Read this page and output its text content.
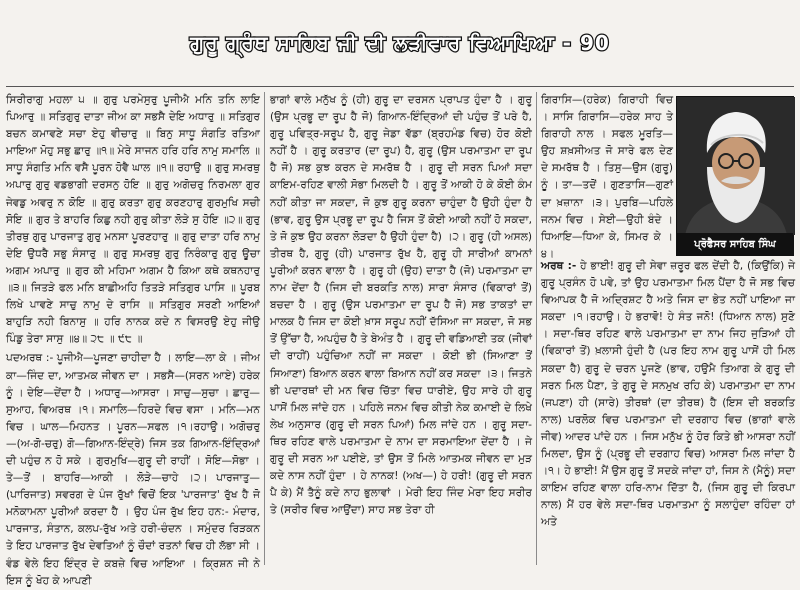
ਗੁਰੂ ਗ੍ਰੰਥ ਸਾਹਿਬ ਜੀ ਦੀ ਲੜੀਵਾਰ ਵਿਆਖਿਆ - 90

ਸਿਰੀਰਾਗੁ ਮਹਲਾ ੫ ॥ ਗੁਰੁ ਪਰਮੇਸੁਰੁ ਪੂਜੀਐ ਮਨਿ ਤਨਿ ਲਾਇ ਪਿਆਰੁ ॥ ਸਤਿਗੁਰੁ ਦਾਤਾ ਜੀਅ ਕਾ ਸਭਸੈ ਦੇਇ ਅਧਾਰੁ ॥ ਸਤਿਗੁਰ ਬਚਨ ਕਮਾਵਣੇ ਸਚਾ ਏਹੁ ਵੀਚਾਰੁ ॥ ਬਿਨੁ ਸਾਧੂ ਸੰਗਤਿ ਰਤਿਆ ਮਾਇਆ ਮੋਹੁ ਸਭੁ ਛਾਰੁ ॥੧॥ ਮੇਰੇ ਸਾਜਨ ਹਰਿ ਹਰਿ ਨਾਮੁ ਸਮਾਲਿ ॥ ਸਾਧੂ ਸੰਗਤਿ ਮਨਿ ਵਸੈ ਪੂਰਨ ਹੋਵੈ ਘਾਲ ॥੧॥ ਰਹਾਉ ॥ ਗੁਰੁ ਸਮਰਥੁ ਅਪਾਰੁ ਗੁਰੁ ਵਡਭਾਗੀ ਦਰਸਨੁ ਹੋਇ ॥ ਗੁਰੁ ਅਗੋਚਰੁ ਨਿਰਮਲਾ ਗੁਰ ਜੇਵਡੁ ਅਵਰੁ ਨ ਕੋਇ ॥ ਗੁਰੁ ਕਰਤਾ ਗੁਰੁ ਕਰਣਹਾਰੁ ਗੁਰਮੁਖਿ ਸਚੀ ਸੋਇ ॥ ਗੁਰ ਤੇ ਬਾਹਰਿ ਕਿਛੁ ਨਹੀ ਗੁਰੁ ਕੀਤਾ ਲੋੜੇ ਸੁ ਹੋਇ ॥੨॥ ਗੁਰੁ ਤੀਰਥੁ ਗੁਰੁ ਪਾਰਜਾਤੁ ਗੁਰੁ ਮਨਸਾ ਪੂਰਣਹਾਰੁ ॥ ਗੁਰੁ ਦਾਤਾ ਹਰਿ ਨਾਮੁ ਦੇਇ ਉਧਰੈ ਸਭੁ ਸੰਸਾਰੁ ॥ ਗੁਰੁ ਸਮਰਥੁ ਗੁਰੁ ਨਿਰੰਕਾਰੁ ਗੁਰੁ ਊਚਾ ਅਗਮ ਅਪਾਰੁ ॥ ਗੁਰ ਕੀ ਮਹਿਮਾ ਅਗਮ ਹੈ ਕਿਆ ਕਥੇ ਕਥਨਹਾਰੁ ॥੩॥ ਜਿਤੜੇ ਫਲ ਮਨਿ ਬਾਛੀਅਹਿ ਤਿਤੜੇ ਸਤਿਗੁਰ ਪਾਸਿ ॥ ਪੂਰਬ ਲਿਖੇ ਪਾਵਣੇ ਸਾਚੁ ਨਾਮੁ ਦੇ ਰਾਸਿ ॥ ਸਤਿਗੁਰ ਸਰਣੀ ਆਇਆਂ ਬਾਹੁੜਿ ਨਹੀ ਬਿਨਾਸੁ ॥ ਹਰਿ ਨਾਨਕ ਕਦੇ ਨ ਵਿਸਰਉ ਏਹੁ ਜੀਉ ਪਿੰਡੁ ਤੇਰਾ ਸਾਸੁ ॥੪॥ ੨੮ ॥ ੯੮ ॥

ਪਦਅਰਥ :- ਪੂਜੀਐ—ਪੂਜਣਾ ਚਾਹੀਦਾ ਹੈ । ਲਾਇ—ਲਾ ਕੇ । ਜੀਅ ਕਾ—ਜਿੰਦ ਦਾ, ਆਤਮਕ ਜੀਵਨ ਦਾ । ਸਭਸੈ—(ਸਰਨ ਆਏ) ਹਰੇਕ ਨੂੰ । ਦੇਇ—ਦੇਂਦਾ ਹੈ । ਅਧਾਰੁ—ਆਸਰਾ । ਸਾਚੁ—ਸੁਚਾ । ਛਾਰੁ— ਸੁਆਹ, ਵਿਅਰਥ ।੧। ਸਮਾਲਿ—ਹਿਰਦੇ ਵਿਚ ਵਸਾ । ਮਨਿ—ਮਨ ਵਿਚ । ਘਾਲ—ਮਿਹਨਤ । ਪੂਰਨ—ਸਫਲ ।੧।ਰਹਾਉ। ਅਗੋਚਰੁ—(ਅ-ਗੋ-ਚਰੁ) ਗੋ—ਗਿਆਨ-ਇੰਦ੍ਰੇ) ਜਿਸ ਤਕ ਗਿਆਨ-ਇੰਦ੍ਰਿਆਂ ਦੀ ਪਹੁੰਚ ਨ ਹੋ ਸਕੇ । ਗੁਰਮੁਖਿ—ਗੁਰੂ ਦੀ ਰਾਹੀਂ । ਸੋਇ—ਸੋਭਾ । ਤੇ—ਤੋਂ । ਬਾਹਰਿ—ਆਕੀ । ਲੋੜੇ—ਚਾਹੇ ।੨। ਪਾਰਜਾਤੁ—(ਪਾਰਿਜਾਤ) ਸਵਰਗ ਦੇ ਪੰਜ ਰੁੱਖਾਂ ਵਿਚੋਂ ਇਕ 'ਪਾਰਜਾਤ' ਰੁੱਖ ਹੈ ਜੋ ਮਨੋਕਾਮਨਾ ਪੂਰੀਆਂ ਕਰਦਾ ਹੈ । ਉਹ ਪੰਜ ਰੁੱਖ ਇਹ ਹਨ:- ਮੰਦਾਰ, ਪਾਰਜਾਤ, ਸੰਤਾਨ, ਕਲਪ-ਰੁੱਖ ਅਤੇ ਹਰੀ-ਚੰਦਨ । ਸਮੁੰਦਰ ਰਿੜਕਨ ਤੇ ਇਹ ਪਾਰਜਾਤ ਰੁੱਖ ਦੇਵਤਿਆਂ ਨੂੰ ਚੌਦਾਂ ਰਤਨਾਂ ਵਿਚ ਹੀ ਲੱਭਾ ਸੀ । ਵੰਡ ਵੇਲੇ ਇਹ ਇੰਦ੍ਰ ਦੇ ਕਬਜ਼ੇ ਵਿਚ ਆਇਆ । ਕ੍ਰਿਸ਼ਨ ਜੀ ਨੇ ਇਸ ਨੂੰ ਖੋਹ ਕੇ ਆਪਣੀ

ਭਾਗਾਂ ਵਾਲੇ ਮਨੁੱਖ ਨੂੰ (ਹੀ) ਗੁਰੂ ਦਾ ਦਰਸਨ ਪ੍ਰਾਪਤ ਹੁੰਦਾ ਹੈ । ਗੁਰੂ (ਉਸ ਪ੍ਰਭੂ ਦਾ ਰੂਪ ਹੈ ਜੋ) ਗਿਆਨ-ਇੰਦ੍ਰਿਆਂ ਦੀ ਪਹੁੰਚ ਤੋਂ ਪਰੇ ਹੈ, ਗੁਰੂ ਪਵਿਤ੍ਰ-ਸਰੂਪ ਹੈ, ਗੁਰੂ ਜੇਡਾ ਵੱਡਾ (ਬ੍ਰਹਮੰਡ ਵਿਚ) ਹੋਰ ਕੋਈ ਨਹੀਂ ਹੈ । ਗੁਰੂ ਕਰਤਾਰ (ਦਾ ਰੂਪ) ਹੈ, ਗੁਰੂ (ਉਸ ਪਰਮਾਤਮਾ ਦਾ ਰੂਪ ਹੈ ਜੋ) ਸਭ ਕੁਝ ਕਰਨ ਦੇ ਸਮਰੱਥ ਹੈ । ਗੁਰੂ ਦੀ ਸਰਨ ਪਿਆਂ ਸਦਾ ਕਾਇਮ-ਰਹਿਣ ਵਾਲੀ ਸੋਭਾ ਮਿਲਦੀ ਹੈ । ਗੁਰੂ ਤੋਂ ਆਕੀ ਹੋ ਕੇ ਕੋਈ ਕੰਮ ਨਹੀਂ ਕੀਤਾ ਜਾ ਸਕਦਾ, ਜੋ ਕੁਝ ਗੁਰੂ ਕਰਨਾ ਚਾਹੁੰਦਾ ਹੈ ਉਹੀ ਹੁੰਦਾ ਹੈ (ਭਾਵ, ਗੁਰੂ ਉਸ ਪ੍ਰਭੂ ਦਾ ਰੂਪ ਹੈ ਜਿਸ ਤੋਂ ਕੋਈ ਆਕੀ ਨਹੀਂ ਹੋ ਸਕਦਾ, ਤੇ ਜੋ ਕੁਝ ਉਹ ਕਰਨਾ ਲੋੜਦਾ ਹੈ ਉਹੀ ਹੁੰਦਾ ਹੈ) ।੨। ਗੁਰੂ (ਹੀ ਅਸਲ) ਤੀਰਥ ਹੈ, ਗੁਰੂ (ਹੀ) ਪਾਰਜਾਤ ਰੁੱਖ ਹੈ, ਗੁਰੂ ਹੀ ਸਾਰੀਆਂ ਕਾਮਨਾਂ ਪੂਰੀਆਂ ਕਰਨ ਵਾਲਾ ਹੈ । ਗੁਰੂ ਹੀ (ਉਹ) ਦਾਤਾ ਹੈ (ਜੋ) ਪਰਮਾਤਮਾ ਦਾ ਨਾਮ ਦੇਂਦਾ ਹੈ (ਜਿਸ ਦੀ ਬਰਕਤਿ ਨਾਲ) ਸਾਰਾ ਸੰਸਾਰ (ਵਿਕਾਰਾਂ ਤੋਂ) ਬਚਦਾ ਹੈ । ਗੁਰੂ (ਉਸ ਪਰਮਾਤਮਾ ਦਾ ਰੂਪ ਹੈ ਜੋ) ਸਭ ਤਾਕਤਾਂ ਦਾ ਮਾਲਕ ਹੈ ਜਿਸ ਦਾ ਕੋਈ ਖ਼ਾਸ ਸਰੂਪ ਨਹੀਂ ਦੱਸਿਆ ਜਾ ਸਕਦਾ, ਜੋ ਸਭ ਤੋਂ ਉੱਚਾ ਹੈ, ਅਪਹੁੰਚ ਹੈ ਤੇ ਬੇਅੰਤ ਹੈ । ਗੁਰੂ ਦੀ ਵਡਿਆਈ ਤਕ (ਜੀਵਾਂ ਦੀ ਰਾਹੀਂ) ਪਹੁੰਚਿਆ ਨਹੀਂ ਜਾ ਸਕਦਾ । ਕੋਈ ਭੀ (ਸਿਆਣਾ ਤੋਂ ਸਿਆਣਾ) ਬਿਆਨ ਕਰਨ ਵਾਲਾ ਬਿਆਨ ਨਹੀਂ ਕਰ ਸਕਦਾ ।੩। ਜਿਤਨੇ ਭੀ ਪਦਾਰਥਾਂ ਦੀ ਮਨ ਵਿਚ ਚਿੱਤਾ ਵਿਚ ਧਾਰੀਏ, ਉਹ ਸਾਰੇ ਹੀ ਗੁਰੂ ਪਾਸੋਂ ਮਿਲ ਜਾਂਦੇ ਹਨ । ਪਹਿਲੇ ਜਨਮ ਵਿਚ ਕੀਤੀ ਨੇਕ ਕਮਾਈ ਦੇ ਲਿਖੇ ਲੇਖ ਅਨੁਸਾਰ (ਗੁਰੂ ਦੀ ਸਰਨ ਪਿਆਂ) ਮਿਲ ਜਾਂਦੇ ਹਨ । ਗੁਰੂ ਸਦਾ-ਥਿਰ ਰਹਿਣ ਵਾਲੇ ਪਰਮਾਤਮਾ ਦੇ ਨਾਮ ਦਾ ਸਰਮਾਇਆ ਦੇਂਦਾ ਹੈ । ਜੇ ਗੁਰੂ ਦੀ ਸਰਨ ਆ ਪਈਏ, ਤਾਂ ਉਸ ਤੋਂ ਮਿਲੇ ਆਤਮਕ ਜੀਵਨ ਦਾ ਮੁੜ ਕਦੇ ਨਾਸ ਨਹੀਂ ਹੁੰਦਾ । ਹੇ ਨਾਨਕ! (ਅਖ—) ਹੇ ਹਰੀ! (ਗੁਰੂ ਦੀ ਸਰਨ ਪੈ ਕੇ) ਮੈਂ ਤੈਨੂੰ ਕਦੇ ਨਾਹ ਭੁਲਾਵਾਂ । ਮੇਰੀ ਇਹ ਜਿੰਦ ਮੇਰਾ ਇਹ ਸਰੀਰ ਤੇ (ਸਰੀਰ ਵਿਚ ਆਉਂਦਾ) ਸਾਹ ਸਭ ਤੇਰਾ ਹੀ

ਗਿਰਾਸਿ—(ਹਰੇਕ) ਗਿਰਾਹੀ ਵਿਚ । ਸਾਸਿ ਗਿਰਾਸਿ—ਹਰੇਕ ਸਾਹ ਤੇ ਗਿਰਾਹੀ ਨਾਲ । ਸਫਲ ਮੂਰਤਿ—ਉਹ ਸ਼ਖ਼ਸੀਅਤ ਜੋ ਸਾਰੇ ਫਲ ਦੇਣ ਦੇ ਸਮਰੱਥ ਹੈ । ਤਿਸੁ—ਉਸ (ਗੁਰੂ) ਨੂੰ । ਤਾ—ਤਦੋਂ । ਗੁਣਤਾਸਿ—ਗੁਣਾਂ ਦਾ ਖ਼ਜ਼ਾਨਾ ।੩। ਪੁਰਬਿ—ਪਹਿਲੇ ਜਨਮ ਵਿਚ । ਸੇਈ—ਉਹੀ ਬੰਦੇ । ਧਿਆਇ—ਧਿਆ ਕੇ, ਸਿਮਰ ਕੇ ।੪।

ਪ੍ਰੋਫੈਸਰ ਸਾਹਿਬ ਸਿੰਘ

ਅਰਥ :- ਹੇ ਭਾਈ! ਗੁਰੂ ਦੀ ਸੇਵਾ ਜ਼ਰੂਰ ਫਲ ਦੇਂਦੀ ਹੈ, (ਕਿਉਂਕਿ) ਜੇ ਗੁਰੂ ਪ੍ਰਸੰਨ ਹੋ ਪਵੇ, ਤਾਂ ਉਹ ਪਰਮਾਤਮਾ ਮਿਲ ਪੈਂਦਾ ਹੈ ਜੋ ਸਭ ਵਿਚ ਵਿਆਪਕ ਹੈ ਜੋ ਅਦ੍ਰਿਸ਼ਟ ਹੈ ਅਤੇ ਜਿਸ ਦਾ ਭੇਤ ਨਹੀਂ ਪਾਇਆ ਜਾ ਸਕਦਾ ।੧।ਰਹਾਉ। ਹੇ ਭਰਾਵੋ! ਹੇ ਸੰਤ ਜਨੋ! (ਧਿਆਨ ਨਾਲ) ਸੁਣੋ । ਸਦਾ-ਥਿਰ ਰਹਿਣ ਵਾਲੇ ਪਰਮਾਤਮਾ ਦਾ ਨਾਮ ਜਿਹ ਜੁੜਿਆਂ ਹੀ (ਵਿਕਾਰਾਂ ਤੋਂ) ਖ਼ਲਾਸੀ ਹੁੰਦੀ ਹੈ (ਪਰ ਇਹ ਨਾਮ ਗੁਰੂ ਪਾਸੋਂ ਹੀ ਮਿਲ ਸਕਦਾ ਹੈ) ਗੁਰੂ ਦੇ ਚਰਨ ਪੂਜਣੇ (ਭਾਵ, ਹਉਮੈ ਤਿਆਗ ਕੇ ਗੁਰੂ ਦੀ ਸਰਨ ਮਿਲ ਪੈਣਾ, ਤੇ ਗੁਰੂ ਦੇ ਸਨਮੁਖ ਰਹਿ ਕੇ) ਪਰਮਾਤਮਾ ਦਾ ਨਾਮ (ਜਪਣਾ) ਹੀ (ਸਾਰੇ) ਤੀਰਥਾਂ (ਦਾ ਤੀਰਥ) ਹੈ (ਇਸ ਦੀ ਬਰਕਤਿ ਨਾਲ) ਪਰਲੋਕ ਵਿਚ ਪਰਮਾਤਮਾ ਦੀ ਦਰਗਾਹ ਵਿਚ (ਭਾਗਾਂ ਵਾਲੇ ਜੀਵ) ਆਦਰ ਪਾਂਦੇ ਹਨ । ਜਿਸ ਮਨੁੱਖ ਨੂੰ ਹੋਰ ਕਿਤੇ ਭੀ ਆਸਰਾ ਨਹੀਂ ਮਿਲਦਾ, ਉਸ ਨੂੰ (ਪ੍ਰਭੂ ਦੀ ਦਰਗਾਹ ਵਿਚ) ਆਸਰਾ ਮਿਲ ਜਾਂਦਾ ਹੈ ।੧। ਹੇ ਭਾਈ! ਮੈਂ ਉਸ ਗੁਰੂ ਤੋਂ ਸਦਕੇ ਜਾਂਦਾ ਹਾਂ, ਜਿਸ ਨੇ (ਮੈਨੂੰ) ਸਦਾ ਕਾਇਮ ਰਹਿਣ ਵਾਲਾ ਹਰਿ-ਨਾਮ ਦਿੱਤਾ ਹੈ, (ਜਿਸ ਗੁਰੂ ਦੀ ਕਿਰਪਾ ਨਾਲ) ਮੈਂ ਹਰ ਵੇਲੇ ਸਦਾ-ਥਿਰ ਪਰਮਾਤਮਾ ਨੂੰ ਸਲਾਹੁੰਦਾ ਰਹਿੰਦਾ ਹਾਂ ਅਤੇ
